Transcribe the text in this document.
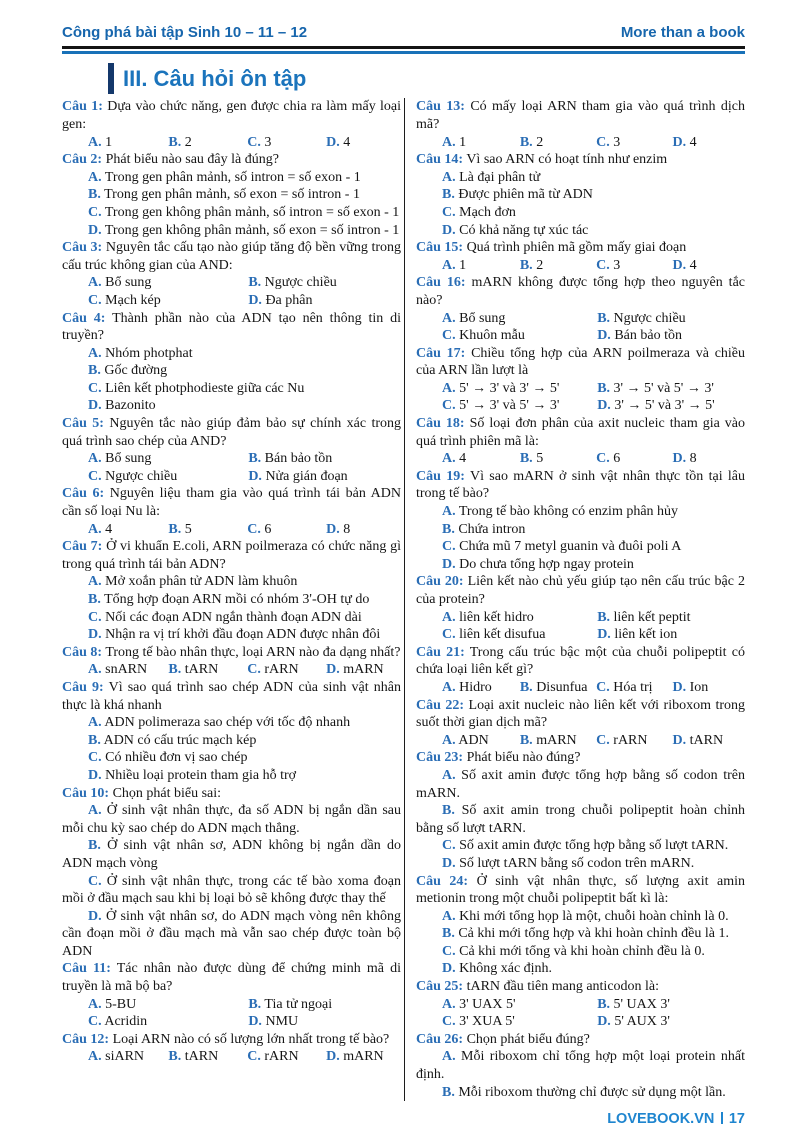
Công phá bài tập Sinh 10 – 11 – 12	More than a book
III. Câu hỏi ôn tập

Câu 1: Dựa vào chức năng, gen được chia ra làm mấy loại gen:

A. 1	B. 2	C. 3	D. 4

Câu 2: Phát biểu nào sau đây là đúng?

A. Trong gen phân mảnh, số intron = số exon - 1

B. Trong gen phân mảnh, số exon = số intron - 1

C. Trong gen không phân mảnh, số intron = số exon - 1

D. Trong gen không phân mảnh, số exon = số intron - 1

Câu 3: Nguyên tắc cấu tạo nào giúp tăng độ bền vững trong cấu trúc không gian của AND:

A. Bổ sung	B. Ngược chiều
C. Mạch kép	D. Đa phân

Câu 4: Thành phần nào của ADN tạo nên thông tin di truyền?

A. Nhóm photphat

B. Gốc đường

C. Liên kết photphodieste giữa các Nu

D. Bazonito

Câu 5: Nguyên tắc nào giúp đảm bảo sự chính xác trong quá trình sao chép của AND?

A. Bổ sung	B. Bán bảo tồn
C. Ngược chiều	D. Nửa gián đoạn

Câu 6: Nguyên liệu tham gia vào quá trình tái bản ADN cần số loại Nu là:

A. 4	B. 5	C. 6	D. 8

Câu 7: Ở vi khuẩn E.coli, ARN poilmeraza có chức năng gì trong quá trình tái bản ADN?

A. Mở xoắn phân tử ADN làm khuôn

B. Tổng hợp đoạn ARN mồi có nhóm 3'-OH tự do

C. Nối các đoạn ADN ngắn thành đoạn ADN dài

D. Nhận ra vị trí khởi đầu đoạn ADN được nhân đôi

Câu 8: Trong tế bào nhân thực, loại ARN nào đa dạng nhất?

A. snARN	B. tARN	C. rARN	D. mARN

Câu 9: Vì sao quá trình sao chép ADN của sinh vật nhân thực là khá nhanh

A. ADN polimeraza sao chép với tốc độ nhanh

B. ADN có cấu trúc mạch kép

C. Có nhiều đơn vị sao chép

D. Nhiều loại protein tham gia hỗ trợ

Câu 10: Chọn phát biểu sai:

A. Ở sinh vật nhân thực, đa số ADN bị ngắn dần sau mỗi chu kỳ sao chép do ADN mạch thẳng.

B. Ở sinh vật nhân sơ, ADN không bị ngắn dần do ADN mạch vòng

C. Ở sinh vật nhân thực, trong các tế bào xoma đoạn mồi ở đầu mạch sau khi bị loại bỏ sẽ không được thay thế

D. Ở sinh vật nhân sơ, do ADN mạch vòng nên không cần đoạn mồi ở đầu mạch mà vẫn sao chép được toàn bộ ADN

Câu 11: Tác nhân nào được dùng để chứng minh mã di truyền là mã bộ ba?

A. 5-BU	B. Tia tử ngoại
C. Acridin	D. NMU

Câu 12: Loại ARN nào có số lượng lớn nhất trong tế bào?

A. siARN	B. tARN	C. rARN	D. mARN

Câu 13: Có mấy loại ARN tham gia vào quá trình dịch mã?

A. 1	B. 2	C. 3	D. 4

Câu 14: Vì sao ARN có hoạt tính như enzim

A. Là đại phân tử

B. Được phiên mã từ ADN

C. Mạch đơn

D. Có khả năng tự xúc tác

Câu 15: Quá trình phiên mã gồm mấy giai đoạn

A. 1	B. 2	C. 3	D. 4

Câu 16: mARN không được tổng hợp theo nguyên tắc nào?

A. Bổ sung	B. Ngược chiều
C. Khuôn mẫu	D. Bán bảo tồn

Câu 17: Chiều tổng hợp của ARN poilmeraza và chiều của ARN lần lượt là

A. 5' → 3' và 3' → 5'	B. 3' → 5' và 5' → 3'
C. 5' → 3' và 5' → 3'	D. 3' → 5' và 3' → 5'

Câu 18: Số loại đơn phân của axit nucleic tham gia vào quá trình phiên mã là:

A. 4	B. 5	C. 6	D. 8

Câu 19: Vì sao mARN ở sinh vật nhân thực tồn tại lâu trong tế bào?

A. Trong tế bào không có enzim phân hủy

B. Chứa intron

C. Chứa mũ 7 metyl guanin và đuôi poli A

D. Do chưa tổng hợp ngay protein

Câu 20: Liên kết nào chủ yếu giúp tạo nên cấu trúc bậc 2 của protein?

A. liên kết hidro	B. liên kết peptit
C. liên kết disufua	D. liên kết ion

Câu 21: Trong cấu trúc bậc một của chuỗi polipeptit có chứa loại liên kết gì?

A. Hidro	B. Disunfua C. Hóa trị	D. Ion

Câu 22: Loại axit nucleic nào liên kết với riboxom trong suốt thời gian dịch mã?

A. ADN	B. mARN	C. rARN	D. tARN

Câu 23: Phát biểu nào đúng?

A. Số axit amin được tổng hợp bằng số codon trên mARN.

B. Số axit amin trong chuỗi polipeptit hoàn chỉnh bằng số lượt tARN.

C. Số axit amin được tổng hợp bằng số lượt tARN.

D. Số lượt tARN bằng số codon trên mARN.

Câu 24: Ở sinh vật nhân thực, số lượng axit amin metionin trong một chuỗi polipeptit bất kì là:

A. Khi mới tổng họp là một, chuỗi hoàn chỉnh là 0.

B. Cả khi mới tổng hợp và khi hoàn chỉnh đều là 1.

C. Cả khi mới tổng và khi hoàn chỉnh đều là 0.

D. Không xác định.

Câu 25: tARN đầu tiên mang anticodon là:

A. 3' UAX 5'	B. 5' UAX 3'
C. 3' XUA 5'	D. 5' AUX 3'

Câu 26: Chọn phát biểu đúng?

A. Mỗi riboxom chỉ tổng hợp một loại protein nhất định.

B. Mỗi riboxom thường chỉ được sử dụng một lần.

LOVEBOOK.VN 17
